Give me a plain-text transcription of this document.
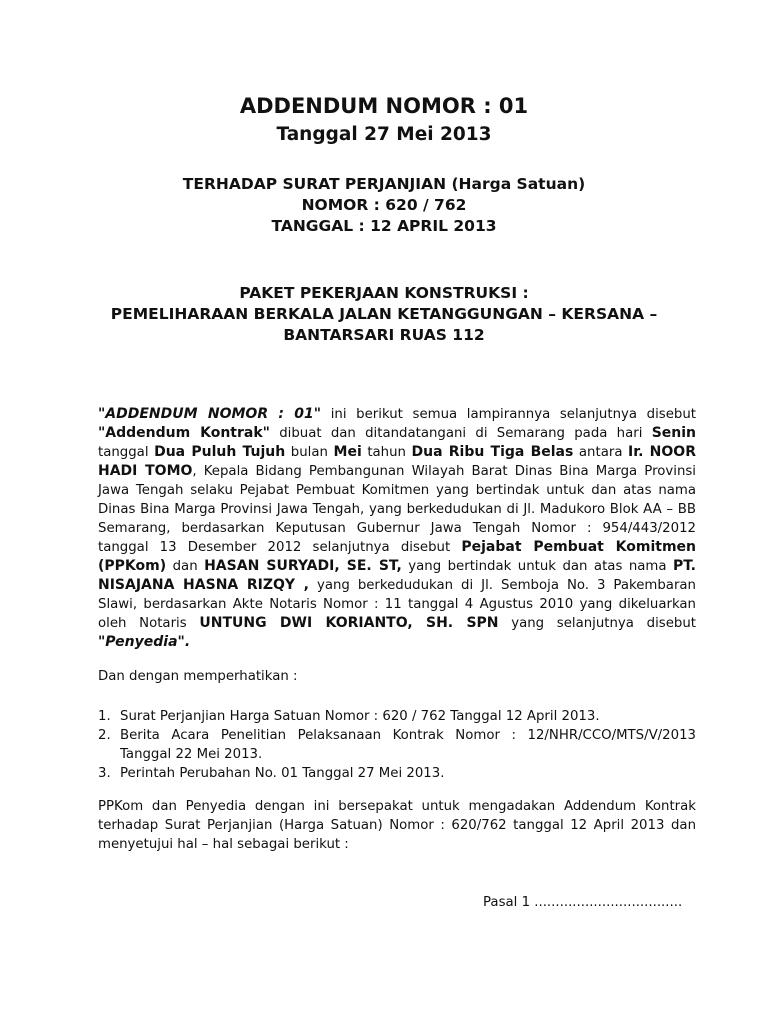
ADDENDUM NOMOR : 01
Tanggal 27 Mei 2013
TERHADAP SURAT PERJANJIAN (Harga Satuan)
NOMOR : 620 / 762
TANGGAL : 12 APRIL 2013
PAKET PEKERJAAN KONSTRUKSI :
PEMELIHARAAN BERKALA JALAN KETANGGUNGAN – KERSANA –
BANTARSARI RUAS 112
"ADDENDUM NOMOR : 01" ini berikut semua lampirannya selanjutnya disebut "Addendum Kontrak" dibuat dan ditandatangani di Semarang pada hari Senin tanggal Dua Puluh Tujuh bulan Mei tahun Dua Ribu Tiga Belas antara Ir. NOOR HADI TOMO, Kepala Bidang Pembangunan Wilayah Barat Dinas Bina Marga Provinsi Jawa Tengah selaku Pejabat Pembuat Komitmen yang bertindak untuk dan atas nama Dinas Bina Marga Provinsi Jawa Tengah, yang berkedudukan di Jl. Madukoro Blok AA – BB Semarang, berdasarkan Keputusan Gubernur Jawa Tengah Nomor : 954/443/2012 tanggal 13 Desember 2012 selanjutnya disebut Pejabat Pembuat Komitmen (PPKom) dan HASAN SURYADI, SE. ST, yang bertindak untuk dan atas nama PT. NISAJANA HASNA RIZQY , yang berkedudukan di Jl. Semboja No. 3 Pakembaran Slawi, berdasarkan Akte Notaris Nomor : 11 tanggal 4 Agustus 2010 yang dikeluarkan oleh Notaris UNTUNG DWI KORIANTO, SH. SPN yang selanjutnya disebut "Penyedia".
Dan dengan memperhatikan :
1. Surat Perjanjian Harga Satuan Nomor : 620 / 762 Tanggal 12 April 2013.
2. Berita Acara Penelitian Pelaksanaan Kontrak Nomor : 12/NHR/CCO/MTS/V/2013 Tanggal 22 Mei 2013.
3. Perintah Perubahan No. 01 Tanggal 27 Mei 2013.
PPKom dan Penyedia dengan ini bersepakat untuk mengadakan Addendum Kontrak terhadap Surat Perjanjian (Harga Satuan) Nomor : 620/762 tanggal 12 April 2013 dan menyetujui hal – hal sebagai berikut :
Pasal 1 ...................................
